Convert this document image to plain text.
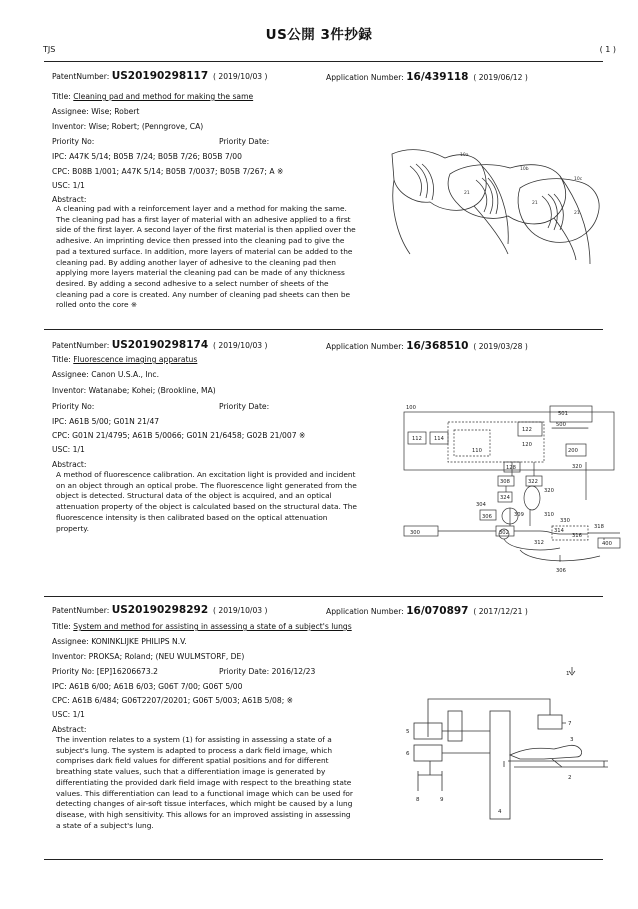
US公開 3件抄録
TJS	( 1 )
PatentNumber: US20190298117 ( 2019/10/03 )	Application Number: 16/439118 ( 2019/06/12 )
Title: Cleaning pad and method for making the same
Assignee: Wise; Robert
Inventor: Wise; Robert; (Penngrove, CA)
Priority No:	Priority Date:
IPC: A47K 5/14; B05B 7/24; B05B 7/26; B05B 7/00
CPC: B08B 1/001; A47K 5/14; B05B 7/0037; B05B 7/267; A ※
USC: 1/1
Abstract:
A cleaning pad with a reinforcement layer and a method for making the same.
The cleaning pad has a first layer of material with an adhesive applied to a first
side of the first layer. A second layer of the first material is then applied over the
adhesive. An imprinting device then pressed into the cleaning pad to give the
pad a textured surface. In addition, more layers of material can be added to the
cleaning pad. By adding another layer of adhesive to the cleaning pad then
applying more layers material the cleaning pad can be made of any thickness
desired. By adding a second adhesive to a select number of sheets of the
cleaning pad a core is created. Any number of cleaning pad sheets can then be
rolled onto the core ※
10a
10b
10c
21
21
21
PatentNumber: US20190298174 ( 2019/10/03 )	Application Number: 16/368510 ( 2019/03/28 )
Title: Fluorescence imaging apparatus
Assignee: Canon U.S.A., Inc.
Inventor: Watanabe; Kohei; (Brookline, MA)
Priority No:	Priority Date:
IPC: A61B 5/00; G01N 21/47
CPC: G01N 21/4795; A61B 5/0066; G01N 21/6458; G02B 21/007 ※
USC: 1/1
Abstract:
A method of fluorescence calibration. An excitation light is provided and incident
on an object through an optical probe. The fluorescence light generated from the
object is detected. Structural data of the object is acquired, and an optical
attenuation property of the object is calculated based on the structural data. The
fluorescence intensity is then calibrated based on the optical attenuation
property.
100
501
500
122
112 114
120
110	200
128	320
308	322
324
320
304
306	309	310
330
300	302
312
314
316
318
400
306
PatentNumber: US20190298292 ( 2019/10/03 )	Application Number: 16/070897 ( 2017/12/21 )
Title: System and method for assisting in assessing a state of a subject's lungs
Assignee: KONINKLIJKE PHILIPS N.V.
Inventor: PROKSA; Roland; (NEU WULMSTORF, DE)
Priority No: [EP]16206673.2	Priority Date: 2016/12/23
IPC: A61B 6/00; A61B 6/03; G06T 7/00; G06T 5/00
CPC: A61B 6/484; G06T2207/20201; G06T 5/003; A61B 5/08; ※
USC: 1/1
Abstract:
The invention relates to a system (1) for assisting in assessing a state of a
subject's lung. The system is adapted to process a dark field image, which
comprises dark field values for different spatial positions and for different
breathing state values, such that a differentiation image is generated by
differentiating the provided dark field image with respect to the breathing state
values. This differentiation can lead to a functional image which can be used for
detecting changes of air-soft tissue interfaces, which might be caused by a lung
disease, with high sensitivity. This allows for an improved assisting in assessing
a state of a subject's lung.
1
7
5
6
3
2
8	9
4
